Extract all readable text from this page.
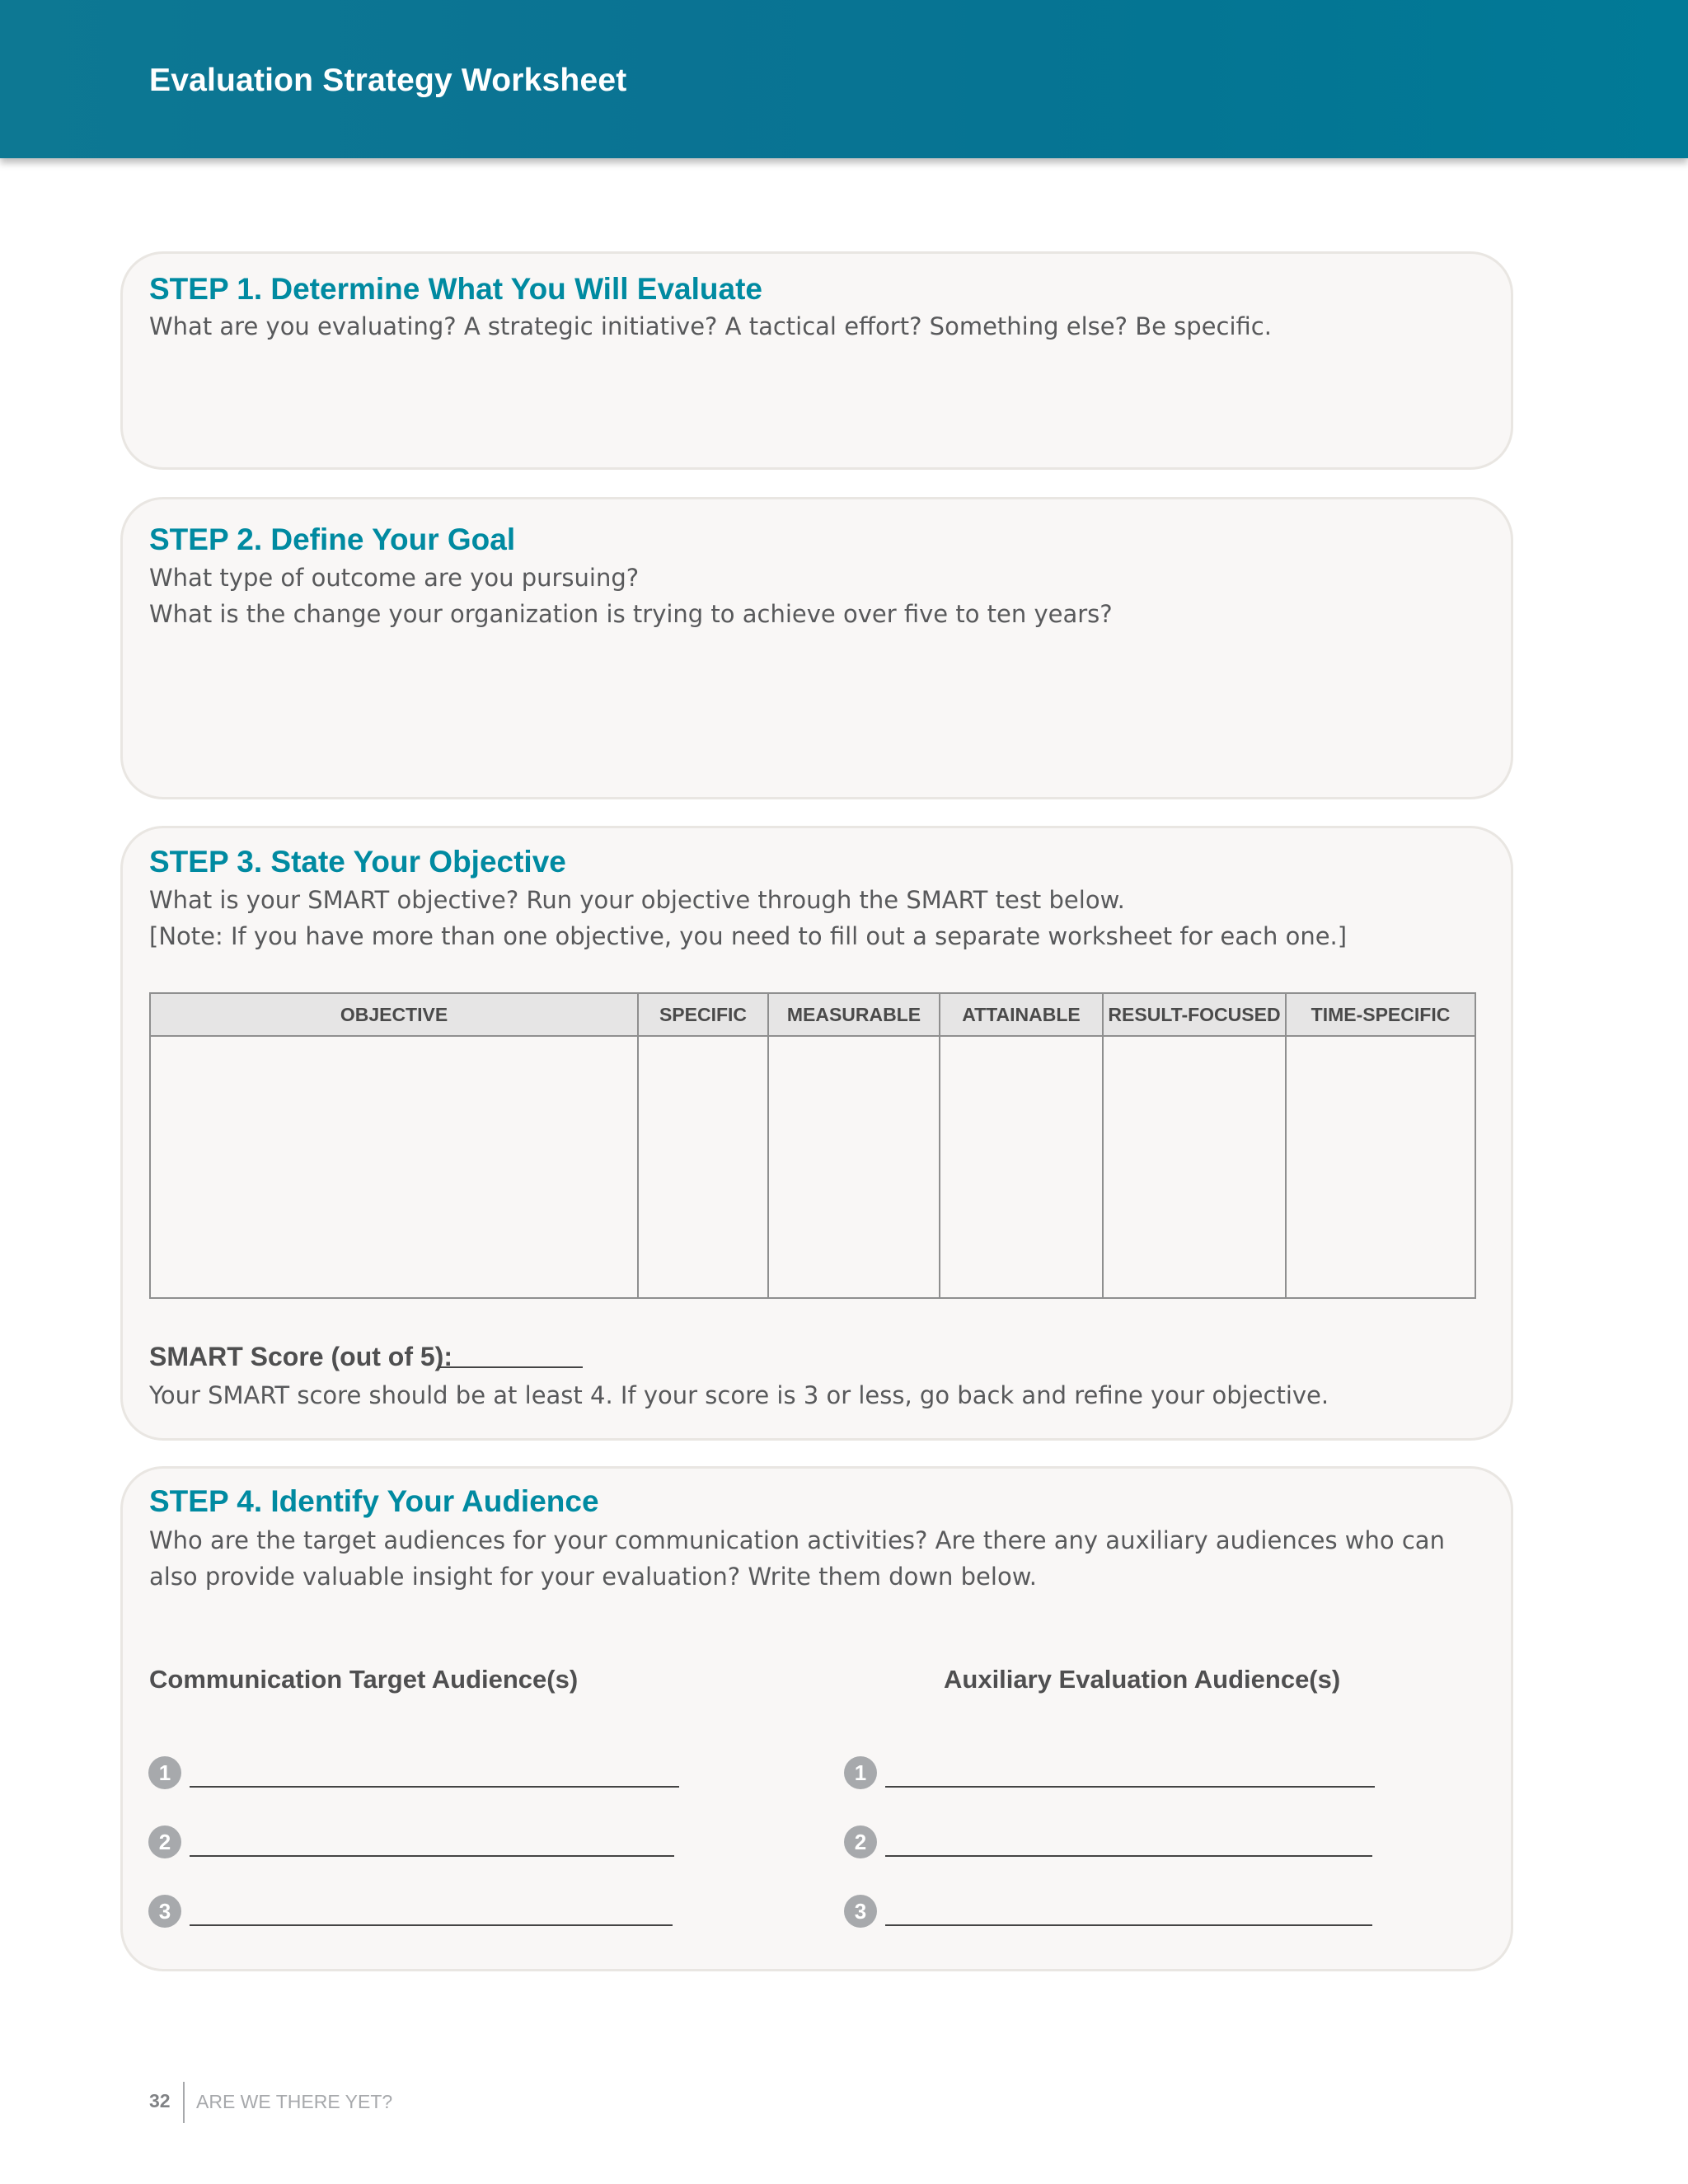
Evaluation Strategy Worksheet
STEP 1. Determine What You Will Evaluate
What are you evaluating? A strategic initiative? A tactical effort? Something else? Be specific.
STEP 2. Define Your Goal
What type of outcome are you pursuing?
What is the change your organization is trying to achieve over five to ten years?
STEP 3. State Your Objective
What is your SMART objective? Run your objective through the SMART test below.
[Note: If you have more than one objective, you need to fill out a separate worksheet for each one.]
OBJECTIVE	SPECIFIC	MEASURABLE	ATTAINABLE	RESULT-FOCUSED	TIME-SPECIFIC

SMART Score (out of 5):
Your SMART score should be at least 4. If your score is 3 or less, go back and refine your objective.
STEP 4. Identify Your Audience
Who are the target audiences for your communication activities? Are there any auxiliary audiences who can
also provide valuable insight for your evaluation? Write them down below.
Communication Target Audience(s)	Auxiliary Evaluation Audience(s)
1
2
3
1
2
3
32 ARE WE THERE YET?
